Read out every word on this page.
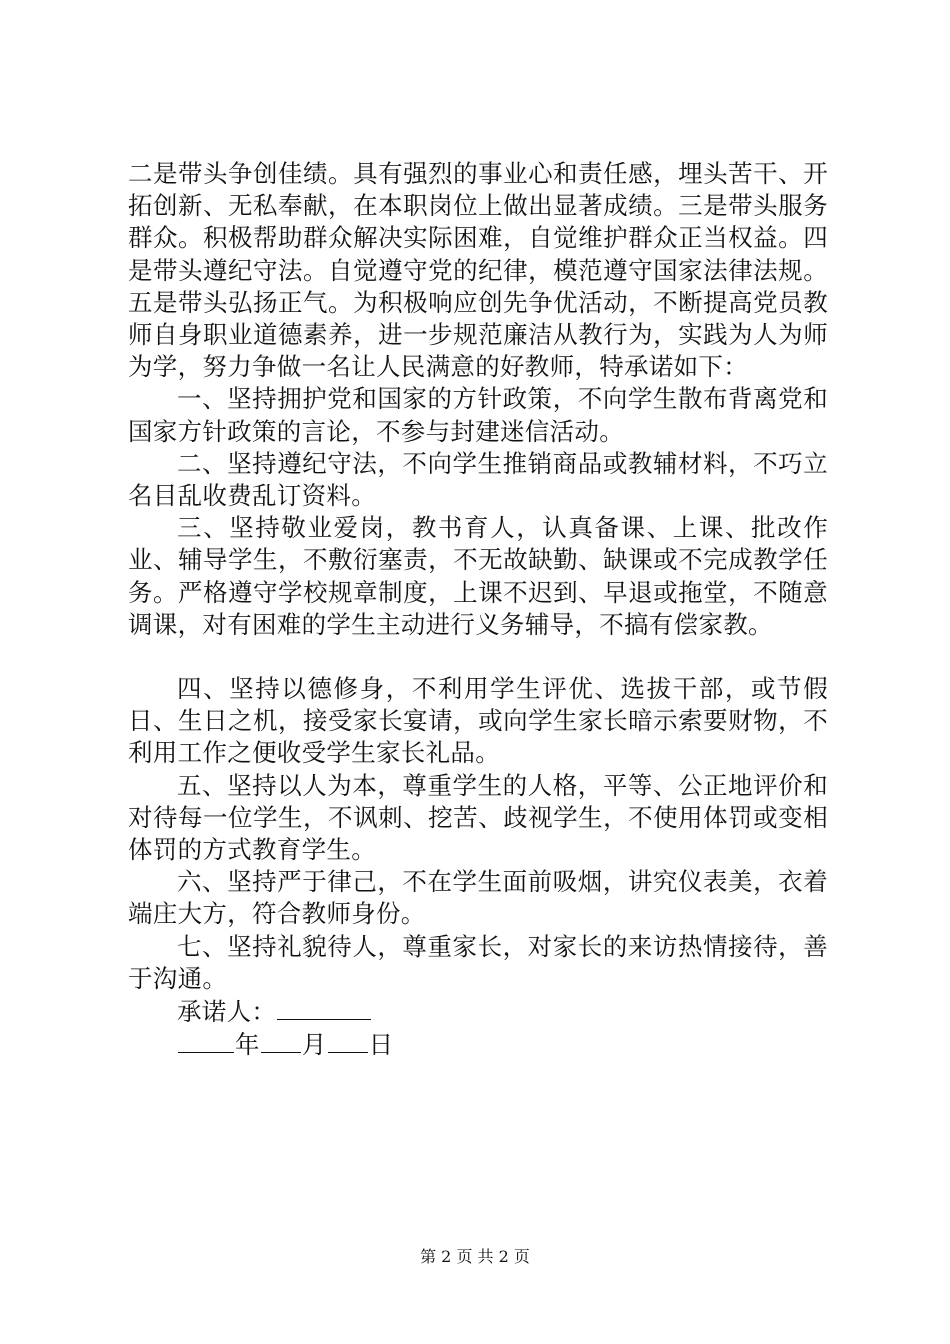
二是带头争创佳绩。具有强烈的事业心和责任感，埋头苦干、开拓创新、无私奉献，在本职岗位上做出显著成绩。三是带头服务群众。积极帮助群众解决实际困难，自觉维护群众正当权益。四是带头遵纪守法。自觉遵守党的纪律，模范遵守国家法律法规。五是带头弘扬正气。为积极响应创先争优活动，不断提高党员教师自身职业道德素养，进一步规范廉洁从教行为，实践为人为师为学，努力争做一名让人民满意的好教师，特承诺如下：

一、坚持拥护党和国家的方针政策，不向学生散布背离党和国家方针政策的言论，不参与封建迷信活动。

二、坚持遵纪守法，不向学生推销商品或教辅材料，不巧立名目乱收费乱订资料。

三、坚持敬业爱岗，教书育人，认真备课、上课、批改作业、辅导学生，不敷衍塞责，不无故缺勤、缺课或不完成教学任务。严格遵守学校规章制度，上课不迟到、早退或拖堂，不随意调课，对有困难的学生主动进行义务辅导，不搞有偿家教。

四、坚持以德修身，不利用学生评优、选拔干部，或节假日、生日之机，接受家长宴请，或向学生家长暗示索要财物，不利用工作之便收受学生家长礼品。

五、坚持以人为本，尊重学生的人格，平等、公正地评价和对待每一位学生，不讽刺、挖苦、歧视学生，不使用体罚或变相体罚的方式教育学生。

六、坚持严于律己，不在学生面前吸烟，讲究仪表美，衣着端庄大方，符合教师身份。

七、坚持礼貌待人，尊重家长，对家长的来访热情接待，善于沟通。

承诺人：

年 月 日

第 2 页 共 2 页
